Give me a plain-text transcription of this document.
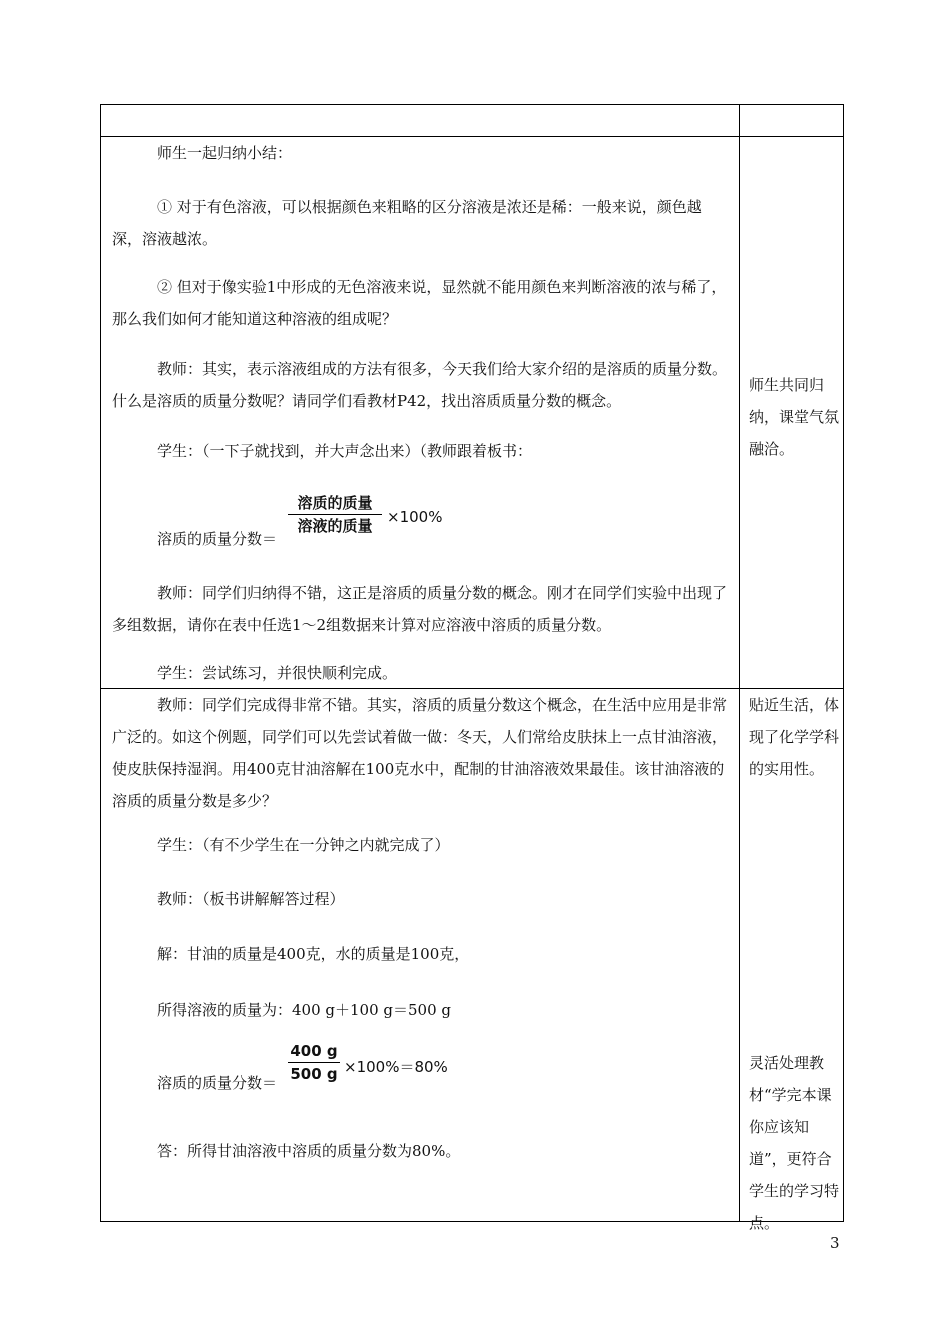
师生一起归纳小结：
① 对于有色溶液，可以根据颜色来粗略的区分溶液是浓还是稀：一般来说，颜色越深，溶液越浓。
② 但对于像实验1中形成的无色溶液来说，显然就不能用颜色来判断溶液的浓与稀了，那么我们如何才能知道这种溶液的组成呢？
教师：其实，表示溶液组成的方法有很多，今天我们给大家介绍的是溶质的质量分数。什么是溶质的质量分数呢？请同学们看教材P42，找出溶质质量分数的概念。
学生：（一下子就找到，并大声念出来）（教师跟着板书：
溶质的质量分数＝
溶质的质量
溶液的质量 ×100%
教师：同学们归纳得不错，这正是溶质的质量分数的概念。刚才在同学们实验中出现了多组数据，请你在表中任选1～2组数据来计算对应溶液中溶质的质量分数。
学生：尝试练习，并很快顺利完成。
师生共同归纳，课堂气氛融洽。
教师：同学们完成得非常不错。其实，溶质的质量分数这个概念，在生活中应用是非常广泛的。如这个例题，同学们可以先尝试着做一做：冬天，人们常给皮肤抹上一点甘油溶液，使皮肤保持湿润。用400克甘油溶解在100克水中，配制的甘油溶液效果最佳。该甘油溶液的溶质的质量分数是多少？
学生：（有不少学生在一分钟之内就完成了）
教师：（板书讲解解答过程）
解：甘油的质量是400克，水的质量是100克，
所得溶液的质量为：400 g＋100 g＝500 g
溶质的质量分数＝
400 g
500 g ×100%＝80%
答：所得甘油溶液中溶质的质量分数为80%。
贴近生活，体现了化学学科的实用性。
灵活处理教材“学完本课你应该知道”，更符合学生的学习特点。
3
